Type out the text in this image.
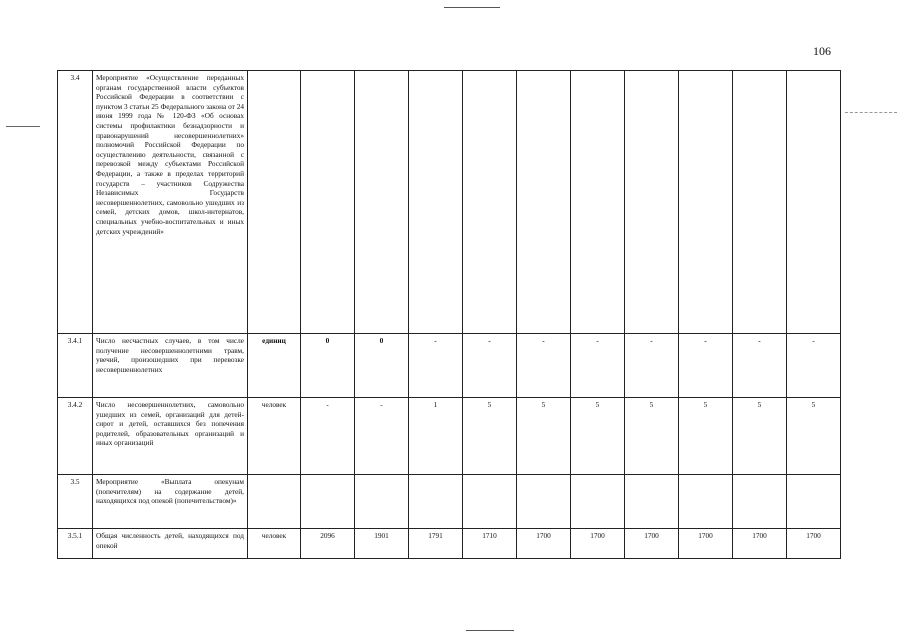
106
3.4	Мероприятие «Осуществление переданных органам государственной власти субъектов Российской Федерации в соответствии с пунктом 3 статьи 25 Федерального закона от 24 июня 1999 года № 120-ФЗ «Об основах системы профилактики безнадзорности и правонарушений несовершеннолетних» полномочий Российской Федерации по осуществлению деятельности, связанной с перевозкой между субъектами Российской Федерации, а также в пределах территорий государств – участников Содружества Независимых Государств несовершеннолетних, самовольно ушедших из семей, детских домов, школ-интернатов, специальных учебно-воспитательных и иных детских учреждений»											
3.4.1	Число несчастных случаев, в том числе получение несовершеннолетними травм, увечий, произошедших при перевозке несовершеннолетних	единиц	0	0	-	-	-	-	-	-	-	-
3.4.2	Число несовершеннолетних, самовольно ушедших из семей, организаций для детей-сирот и детей, оставшихся без попечения родителей, образовательных организаций и иных организаций	человек	-	-	1	5	5	5	5	5	5	5
3.5	Мероприятие «Выплата опекунам (попечителям) на содержание детей, находящихся под опекой (попечительством)»											
3.5.1	Общая численность детей, находящихся под опекой	человек	2096	1901	1791	1710	1700	1700	1700	1700	1700	1700
